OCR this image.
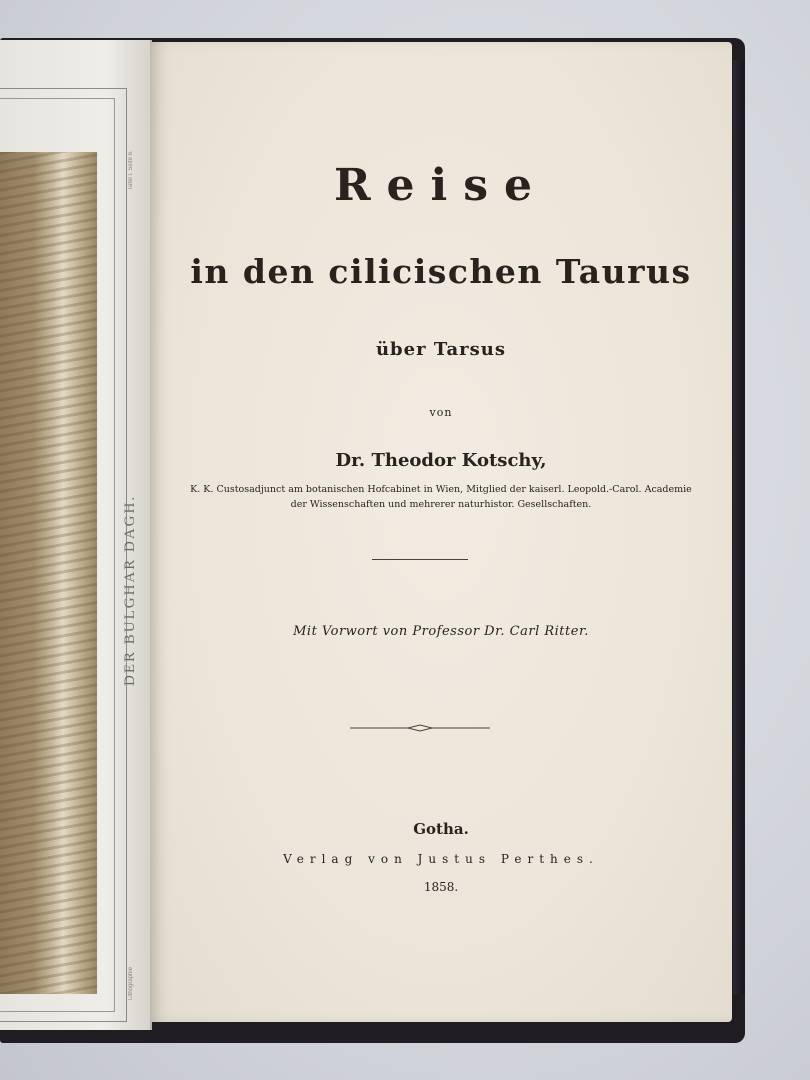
DER BULGHAR DAGH.
Tafel I. Seite 6.
Lithographie
Reise
in den cilicischen Taurus
über Tarsus
von
Dr. Theodor Kotschy,
K. K. Custosadjunct am botanischen Hofcabinet in Wien, Mitglied der kaiserl. Leopold.-Carol. Academie der Wissenschaften und mehrerer naturhistor. Gesellschaften.
Mit Vorwort von Professor Dr. Carl Ritter.
Gotha.
Verlag von Justus Perthes.
1858.
